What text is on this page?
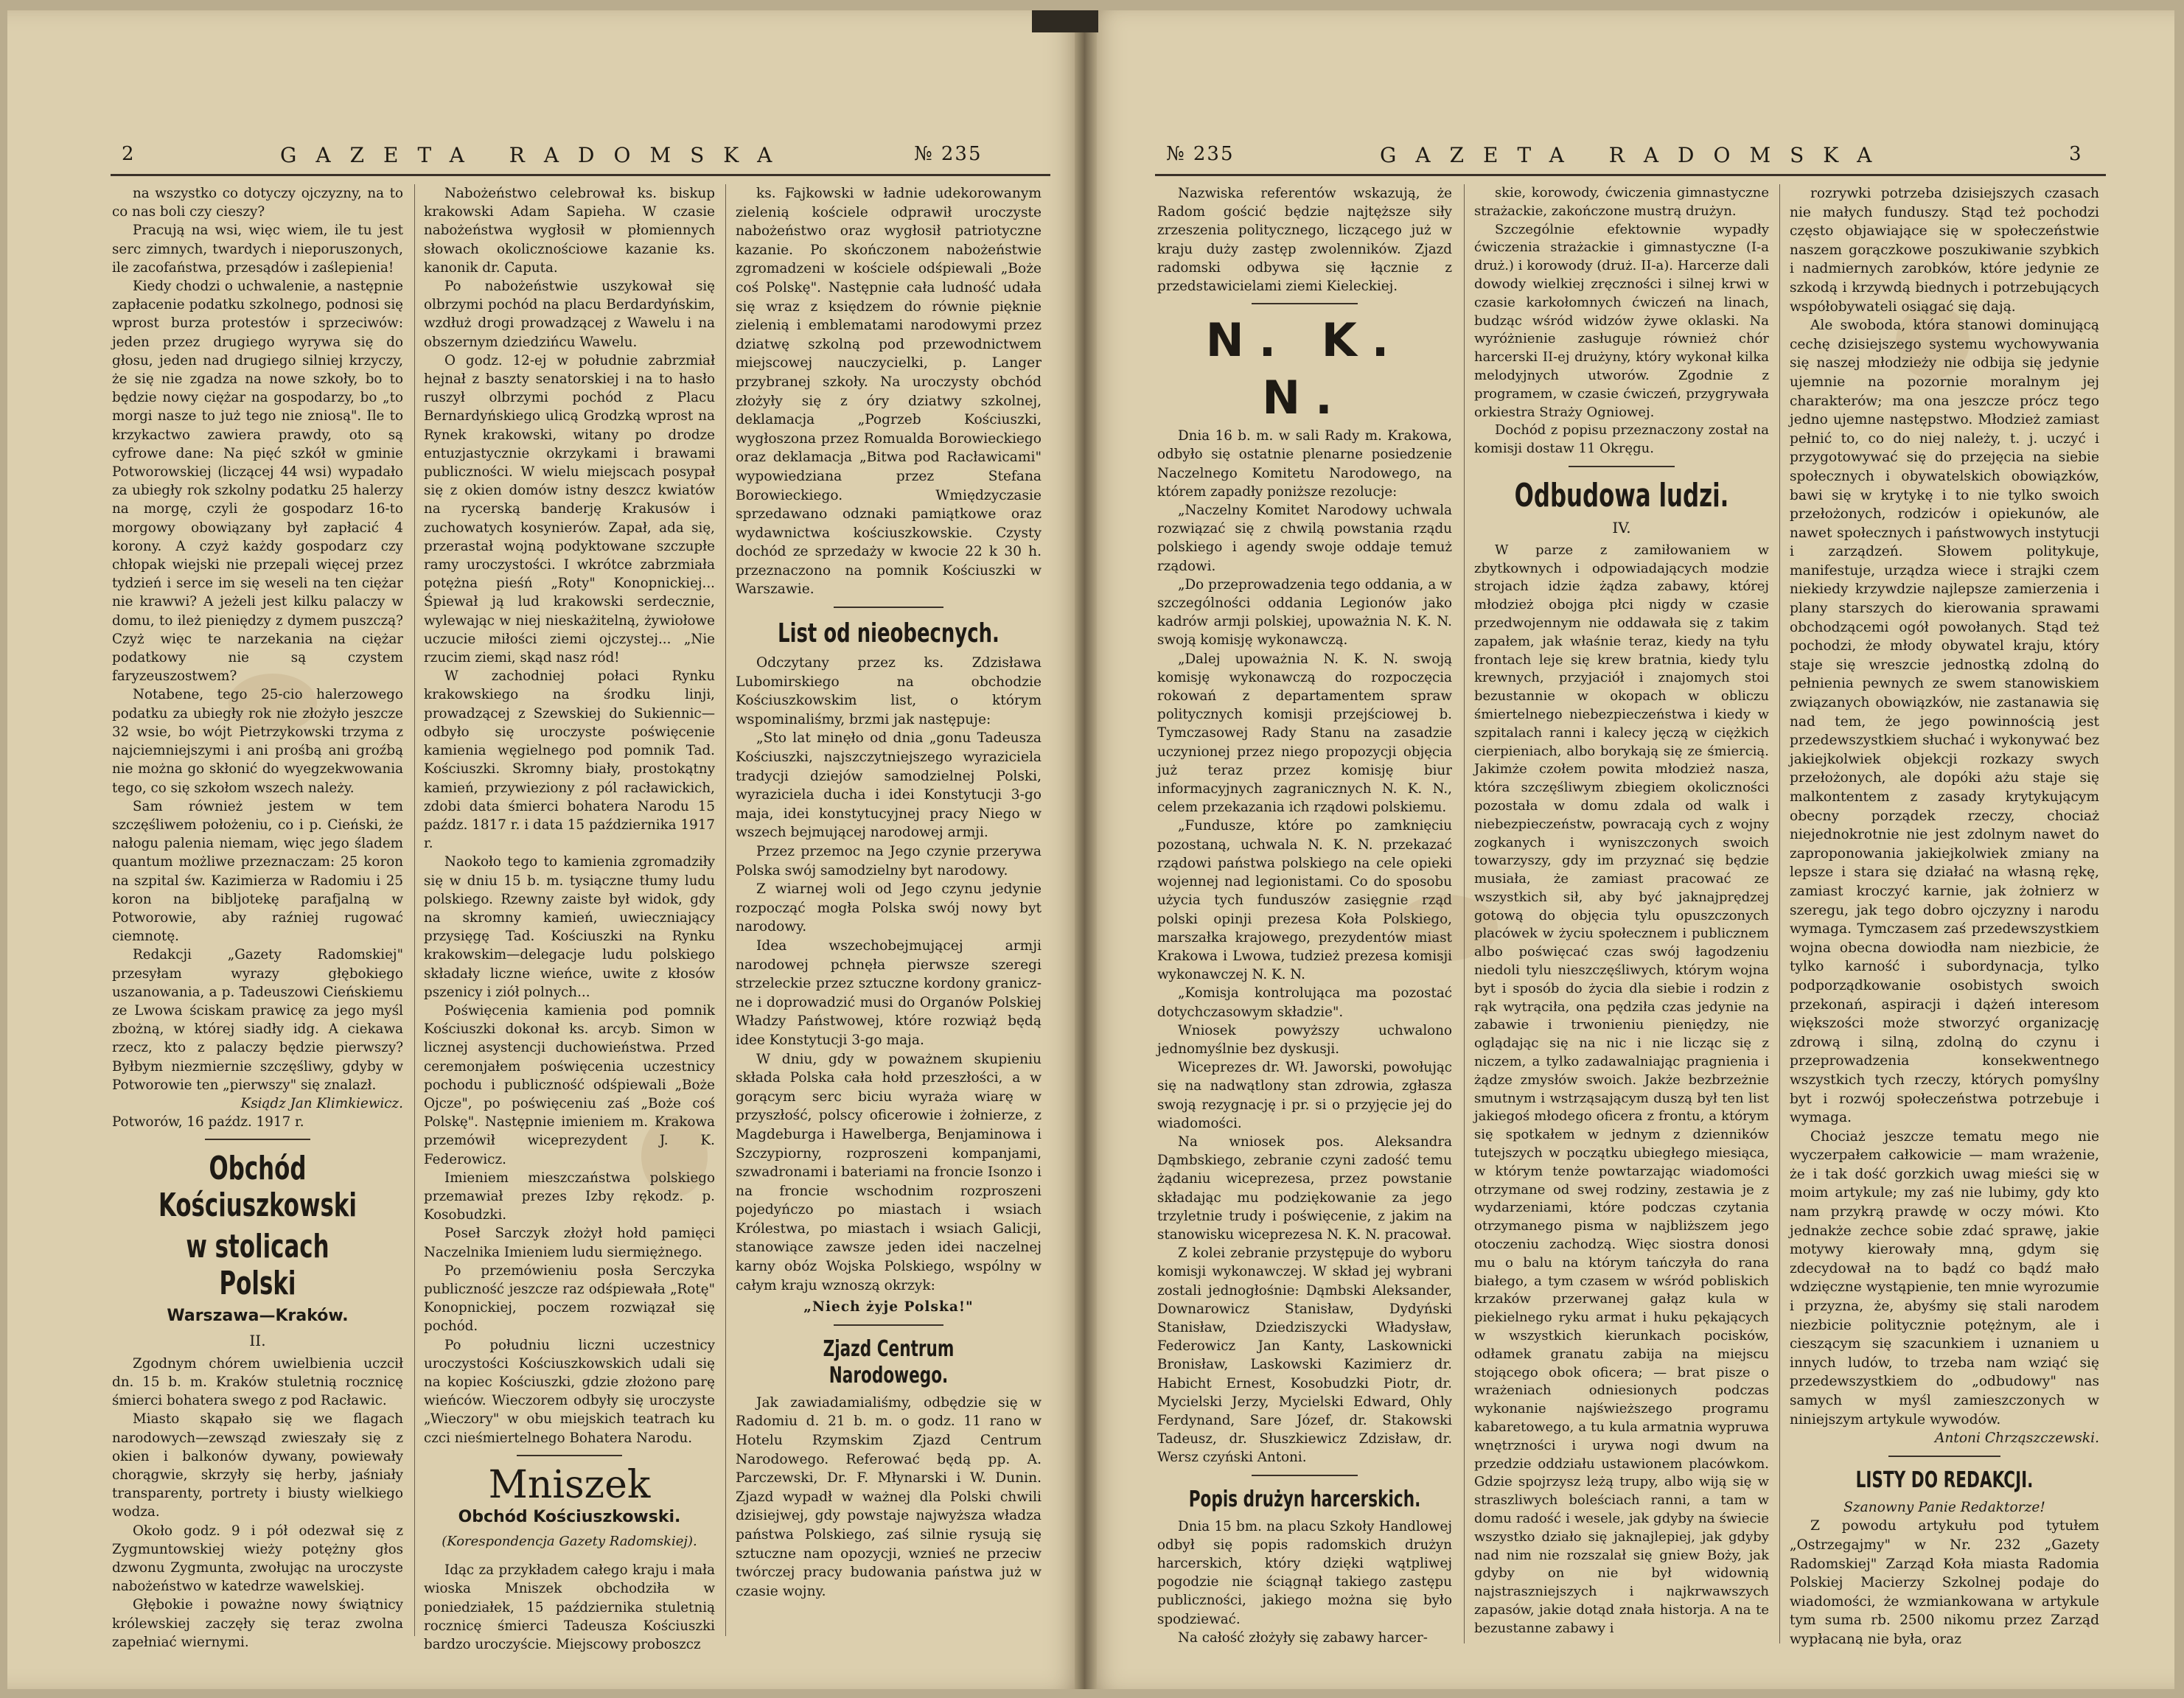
2	GAZETA RADOMSKA	№ 235

na wszystko co dotyczy ojczyzny, na to co nas boli czy cieszy?

Pracują na wsi, więc wiem, ile tu jest serc zimnych, twardych i nieporuszonych, ile zacofaństwa, przesądów i zaślepienia!

Kiedy chodzi o uchwalenie, a następnie zapłacenie podatku szkolnego, podnosi się wprost burza protestów i sprzeciwów: jeden przez drugiego wyrywa się do głosu, jeden nad drugiego silniej krzyczy, że się nie zgadza na nowe szkoły, bo to będzie nowy ciężar na gospodarzy, bo „to morgi nasze to już tego nie zniosą". Ile to krzykactwo zawiera prawdy, oto są cyfrowe dane: Na pięć szkół w gminie Potworowskiej (liczącej 44 wsi) wypadało za ubiegły rok szkolny podatku 25 halerzy na morgę, czyli że gospodarz 16-to morgowy obowiązany był zapłacić 4 korony. A czyż każdy gospodarz czy chłopak wiejski nie przepali więcej przez tydzień i serce im się weseli na ten ciężar nie krawwi? A jeżeli jest kilku palaczy w domu, to ileż pieniędzy z dymem puszczą? Czyż więc te narzekania na ciężar podatkowy nie są czystem faryzeuszostwem?

Notabene, tego 25-cio halerzowego podatku za ubiegły rok nie złożyło jeszcze 32 wsie, bo wójt Pietrzykowski trzyma z najciemniejszymi i ani prośbą ani groźbą nie można go skłonić do wyegzekwowania tego, co się szkołom wszech należy.

Sam również jestem w tem szczęśliwem położeniu, co i p. Cieński, że nałogu palenia niemam, więc jego śladem quantum możliwe przeznaczam: 25 koron na szpital św. Kazimierza w Radomiu i 25 koron na bibljotekę parafjalną w Potworowie, aby raźniej rugować ciemnotę.

Redakcji „Gazety Radomskiej" przesyłam wyrazy głębokiego uszanowania, a p. Tadeuszowi Cieńskiemu ze Lwowa ściskam prawicę za jego myśl zbożną, w której siadły idg. A ciekawa rzecz, kto z palaczy będzie pierwszy? Byłbym niezmiernie szczęśliwy, gdyby w Potworowie ten „pierwszy" się znalazł.

Ksiądz Jan Klimkiewicz.

Potworów, 16 paźdz. 1917 r.

Obchód Kościuszkowski
w stolicach Polski
Warszawa—Kraków.
II.

Zgodnym chórem uwielbienia uczcił dn. 15 b. m. Kraków stuletnią rocznicę śmierci bohatera swego z pod Racławic.

Miasto skąpało się we flagach narodowych—zewsząd zwieszały się z okien i balkonów dywany, powiewały chorągwie, skrzyły się herby, jaśniały transparenty, portrety i biusty wielkiego wodza.

Około godz. 9 i pół odezwał się z Zygmuntowskiej wieży potężny głos dzwonu Zygmunta, zwołując na uroczyste nabożeństwo w katedrze wawelskiej.

Głębokie i poważne nowy świątnicy królewskiej zaczęły się teraz zwolna zapełniać wiernymi.

Nabożeństwo celebrował ks. biskup krakowski Adam Sapieha. W czasie nabożeństwa wygłosił w płomiennych słowach okolicznościowe kazanie ks. kanonik dr. Caputa.

Po nabożeństwie uszykował się olbrzymi pochód na placu Berdardyńskim, wzdłuż drogi prowadzącej z Wawelu i na obszernym dziedzińcu Wawelu.

O godz. 12-ej w południe zabrzmiał hejnał z baszty senatorskiej i na to hasło ruszył olbrzymi pochód z Placu Bernardyńskiego ulicą Grodzką wprost na Rynek krakowski, witany po drodze entuzjastycznie okrzykami i brawami publiczności. W wielu miejscach posypał się z okien domów istny deszcz kwiatów na rycerską banderję Krakusów i zuchowatych kosynierów. Zapał, ada się, przerastał wojną podyktowane szczupłe ramy uroczystości. I wkrótce zabrzmiała potężna pieśń „Roty" Konopnickiej... Śpiewał ją lud krakowski serdecznie, wylewając w niej nieskażitelną, żywiołowe uczucie miłości ziemi ojczystej... „Nie rzucim ziemi, skąd nasz ród!

W zachodniej połaci Rynku krakowskiego na środku linji, prowadzącej z Szewskiej do Sukiennic—odbyło się uroczyste poświęcenie kamienia węgielnego pod pomnik Tad. Kościuszki. Skromny biały, prostokątny kamień, przywieziony z pól racławickich, zdobi data śmierci bohatera Narodu 15 paźdz. 1817 r. i data 15 października 1917 r.

Naokoło tego to kamienia zgromadziły się w dniu 15 b. m. tysiączne tłumy ludu polskiego. Rzewny zaiste był widok, gdy na skromny kamień, uwieczniający przysięgę Tad. Kościuszki na Rynku krakowskim—delegacje ludu polskiego składały liczne wieńce, uwite z kłosów pszenicy i ziół polnych...

Poświęcenia kamienia pod pomnik Kościuszki dokonał ks. arcyb. Simon w licznej asystencji duchowieństwa. Przed ceremonjałem poświęcenia uczestnicy pochodu i publiczność odśpiewali „Boże Ojcze", po poświęceniu zaś „Boże coś Polskę". Następnie imieniem m. Krakowa przemówił wiceprezydent J. K. Federowicz.

Imieniem mieszczaństwa polskiego przemawiał prezes Izby rękodz. p. Kosobudzki.

Poseł Sarczyk złożył hołd pamięci Naczelnika Imieniem ludu siermiężnego.

Po przemówieniu posła Serczyka publiczność jeszcze raz odśpiewała „Rotę" Konopnickiej, poczem rozwiązał się pochód.

Po południu liczni uczestnicy uroczystości Kościuszkowskich udali się na kopiec Kościuszki, gdzie złożono parę wieńców. Wieczorem odbyły się uroczyste „Wieczory" w obu miejskich teatrach ku czci nieśmiertelnego Bohatera Narodu.

Mniszek
Obchód Kościuszkowski.
(Korespondencja Gazety Radomskiej).

Idąc za przykładem całego kraju i mała wioska Mniszek obchodziła w poniedziałek, 15 października stuletnią rocznicę śmierci Tadeusza Kościuszki bardzo uroczyście. Miejscowy proboszcz

ks. Fajkowski w ładnie udekorowanym zielenią kościele odprawił uroczyste nabożeństwo oraz wygłosił patriotyczne kazanie. Po skończonem nabożeństwie zgromadzeni w kościele odśpiewali „Boże coś Polskę". Następnie cała ludność udała się wraz z księdzem do równie pięknie zielenią i emblematami narodowymi przez dziatwę szkolną pod przewodnictwem miejscowej nauczycielki, p. Langer przybranej szkoły. Na uroczysty obchód złożyły się z óry dziatwy szkolnej, deklamacja „Pogrzeb Kościuszki, wygłoszona przez Romualda Borowieckiego oraz deklamacja „Bitwa pod Racławicami" wypowiedziana przez Stefana Borowieckiego. Wmiędzyczasie sprzedawano odznaki pamiątkowe oraz wydawnictwa kościuszkowskie. Czysty dochód ze sprzedaży w kwocie 22 k 30 h. przeznaczono na pomnik Kościuszki w Warszawie.

List od nieobecnych.

Odczytany przez ks. Zdzisława Lubomirskiego na obchodzie Kościuszkowskim list, o którym wspominaliśmy, brzmi jak następuje:

„Sto lat minęło od dnia „gonu Tadeusza Kościuszki, najszczytniejszego wyraziciela tradycji dziejów samodzielnej Polski, wyraziciela ducha i idei Konstytucji 3-go maja, idei konstytucyjnej pracy Niego w wszech bejmującej narodowej armji.

Przez przemoc na Jego czynie przerywa Polska swój samodzielny byt narodowy.

Z wiarnej woli od Jego czynu jedynie rozpocząć mogła Polska swój nowy byt narodowy.

Idea wszechobejmującej armji narodowej pchnęła pierwsze szeregi strzeleckie przez sztuczne kordony granicz-ne i doprowadzić musi do Organów Polskiej Władzy Państwowej, które rozwiąż będą idee Konstytucji 3-go maja.

W dniu, gdy w poważnem skupieniu składa Polska cała hołd przeszłości, a w gorącym serc biciu wyraża wiarę w przyszłość, polscy oficerowie i żołnierze, z Magdeburga i Hawelberga, Benjaminowa i Szczypiorny, rozproszeni kompanjami, szwadronami i bateriami na froncie Isonzo i na froncie wschodnim rozproszeni pojedyńczo po miastach i wsiach Królestwa, po miastach i wsiach Galicji, stanowiące zawsze jeden idei naczelnej karny obóz Wojska Polskiego, wspólny w całym kraju wznoszą okrzyk:

„Niech żyje Polska!"

Zjazd Centrum Narodowego.

Jak zawiadamialiśmy, odbędzie się w Radomiu d. 21 b. m. o godz. 11 rano w Hotelu Rzymskim Zjazd Centrum Narodowego. Referować będą pp. A. Parczewski, Dr. F. Młynarski i W. Dunin. Zjazd wypadł w ważnej dla Polski chwili dzisiejwej, gdy powstaje najwyższa władza państwa Polskiego, zaś silnie rysują się sztuczne nam opozycji, wznieś ne przeciw twórczej pracy budowania państwa już w czasie wojny.

№ 235	GAZETA RADOMSKA	3

Nazwiska referentów wskazują, że Radom gościć będzie najtęższe siły zrzeszenia politycznego, liczącego już w kraju duży zastęp zwolenników. Zjazd radomski odbywa się łącznie z przedstawicielami ziemi Kieleckiej.

N. K. N.

Dnia 16 b. m. w sali Rady m. Krakowa, odbyło się ostatnie plenarne posiedzenie Naczelnego Komitetu Narodowego, na którem zapadły poniższe rezolucje:

„Naczelny Komitet Narodowy uchwala rozwiązać się z chwilą powstania rządu polskiego i agendy swoje oddaje temuż rządowi.

„Do przeprowadzenia tego oddania, a w szczególności oddania Legionów jako kadrów armji polskiej, upoważnia N. K. N. swoją komisję wykonawczą.

„Dalej upoważnia N. K. N. swoją komisję wykonawczą do rozpoczęcia rokowań z departamentem spraw politycznych komisji przejściowej b. Tymczasowej Rady Stanu na zasadzie uczynionej przez niego propozycji objęcia już teraz przez komisję biur informacyjnych zagranicznych N. K. N., celem przekazania ich rządowi polskiemu.

„Fundusze, które po zamknięciu pozostaną, uchwala N. K. N. przekazać rządowi państwa polskiego na cele opieki wojennej nad legionistami. Co do sposobu użycia tych funduszów zasięgnie rząd polski opinji prezesa Koła Polskiego, marszałka krajowego, prezydentów miast Krakowa i Lwowa, tudzież prezesa komisji wykonawczej N. K. N.

„Komisja kontrolująca ma pozostać dotychczasowym składzie".

Wniosek powyższy uchwalono jednomyślnie bez dyskusji.

Wiceprezes dr. Wł. Jaworski, powołując się na nadwątlony stan zdrowia, zgłasza swoją rezygnację i pr. si o przyjęcie jej do wiadomości.

Na wniosek pos. Aleksandra Dąmbskiego, zebranie czyni zadość temu żądaniu wiceprezesa, przez powstanie składając mu podziękowanie za jego trzyletnie trudy i poświęcenie, z jakim na stanowisku wiceprezesa N. K. N. pracował.

Z kolei zebranie przystępuje do wyboru komisji wykonawczej. W skład jej wybrani zostali jednogłośnie: Dąmbski Aleksander, Downarowicz Stanisław, Dydyński Stanisław, Dziedziszycki Władysław, Federowicz Jan Kanty, Laskownicki Bronisław, Laskowski Kazimierz dr. Habicht Ernest, Kosobudzki Piotr, dr. Mycielski Jerzy, Mycielski Edward, Ohly Ferdynand, Sare Józef, dr. Stakowski Tadeusz, dr. Słuszkiewicz Zdzisław, dr. Wersz czyński Antoni.

Popis drużyn harcerskich.

Dnia 15 bm. na placu Szkoły Handlowej odbył się popis radomskich drużyn harcerskich, który dzięki wątpliwej pogodzie nie ściągnął takiego zastępu publiczności, jakiego można się było spodziewać.

Na całość złożyły się zabawy harcer-

skie, korowody, ćwiczenia gimnastyczne strażackie, zakończone mustrą drużyn.

Szczególnie efektownie wypadły ćwiczenia strażackie i gimnastyczne (I-a druż.) i korowody (druż. II-a). Harcerze dali dowody wielkiej zręczności i silnej krwi w czasie karkołomnych ćwiczeń na linach, budząc wśród widzów żywe oklaski. Na wyróżnienie zasługuje również chór harcerski II-ej drużyny, który wykonał kilka melodyjnych utworów. Zgodnie z programem, w czasie ćwiczeń, przygrywała orkiestra Straży Ogniowej.

Dochód z popisu przeznaczony został na komisji dostaw 11 Okręgu.

Odbudowa ludzi.
IV.

W parze z zamiłowaniem w zbytkownych i odpowiadających modzie strojach idzie żądza zabawy, której młodzież obojga płci nigdy w czasie przedwojennym nie oddawała się z takim zapałem, jak właśnie teraz, kiedy na tyłu frontach leje się krew bratnia, kiedy tylu krewnych, przyjaciół i znajomych stoi bezustannie w okopach w obliczu śmiertelnego niebezpieczeństwa i kiedy w szpitalach ranni i kalecy jęczą w ciężkich cierpieniach, albo borykają się ze śmiercią. Jakimże czołem powita młodzież nasza, która szczęśliwym zbiegiem okoliczności pozostała w domu zdala od walk i niebezpieczeństw, powracają cych z wojny zogkanych i wyniszczonych swoich towarzyszy, gdy im przyznać się będzie musiała, że zamiast pracować ze wszystkich sił, aby być jaknajprędzej gotową do objęcia tylu opuszczonych placówek w życiu społecznem i publicznem albo poświęcać czas swój łagodzeniu niedoli tylu nieszczęśliwych, którym wojna byt i sposób do życia dla siebie i rodzin z rąk wytrąciła, ona pędziła czas jedynie na zabawie i trwonieniu pieniędzy, nie oglądając się na nic i nie licząc się z niczem, a tylko zadawalniając pragnienia i żądze zmysłów swoich. Jakże bezbrzeżnie smutnym i wstrząsającym duszą był ten list jakiegoś młodego oficera z frontu, a którym się spotkałem w jednym z dzienników tutejszych w początku ubiegłego miesiąca, w którym tenże powtarzając wiadomości otrzymane od swej rodziny, zestawia je z wydarzeniami, które podczas czytania otrzymanego pisma w najbliższem jego otoczeniu zachodzą. Więc siostra donosi mu o balu na którym tańczyła do rana białego, a tym czasem w wśród pobliskich krzaków przerwanej gałąz kula w piekielnego ryku armat i huku pękających w wszystkich kierunkach pocisków, odłamek granatu zabija na miejscu stojącego obok oficera; — brat pisze o wrażeniach odniesionych podczas wykonanie najświeższego programu kabaretowego, a tu kula armatnia wypruwa wnętrzności i urywa nogi dwum na przedzie oddziału ustawionem placówkom. Gdzie spojrzysz leżą trupy, albo wiją się w straszliwych boleściach ranni, a tam w domu radość i wesele, jak gdyby na świecie wszystko działo się jaknajlepiej, jak gdyby nad nim nie rozszalał się gniew Boży, jak gdyby on nie był widownią najstraszniejszych i najkrwawszych zapasów, jakie dotąd znała historja. A na te bezustanne zabawy i

rozrywki potrzeba dzisiejszych czasach nie małych funduszy. Stąd też pochodzi często objawiające się w społeczeństwie naszem gorączkowe poszukiwanie szybkich i nadmiernych zarobków, które jedynie ze szkodą i krzywdą biednych i potrzebujących współobywateli osiągać się dają.

Ale swoboda, która stanowi dominującą cechę dzisiejszego systemu wychowywania się naszej młodzieży nie odbija się jedynie ujemnie na pozornie moralnym jej charakterów; ma ona jeszcze prócz tego jedno ujemne następstwo. Młodzież zamiast pełnić to, co do niej należy, t. j. uczyć i przygotowywać się do przejęcia na siebie społecznych i obywatelskich obowiązków, bawi się w krytykę i to nie tylko swoich przełożonych, rodziców i opiekunów, ale nawet społecznych i państwowych instytucji i zarządzeń. Słowem politykuje, manifestuje, urządza wiece i strajki czem niekiedy krzywdzie najlepsze zamierzenia i plany starszych do kierowania sprawami obchodzącemi ogół powołanych. Stąd też pochodzi, że młody obywatel kraju, który staje się wreszcie jednostką zdolną do pełnienia pewnych ze swem stanowiskiem związanych obowiązków, nie zastanawia się nad tem, że jego powinnością jest przedewszystkiem słuchać i wykonywać bez jakiejkolwiek objekcji rozkazy swych przełożonych, ale dopóki ażu staje się malkontentem z zasady krytykującym obecny porządek rzeczy, chociaż niejednokrotnie nie jest zdolnym nawet do zaproponowania jakiejkolwiek zmiany na lepsze i stara się działać na własną rękę, zamiast kroczyć karnie, jak żołnierz w szeregu, jak tego dobro ojczyzny i narodu wymaga. Tymczasem zaś przedewszystkiem wojna obecna dowiodła nam niezbicie, że tylko karność i subordynacja, tylko podporządkowanie osobistych swoich przekonań, aspiracji i dążeń interesom większości może stworzyć organizację zdrową i silną, zdolną do czynu i przeprowadzenia konsekwentnego wszystkich tych rzeczy, których pomyślny byt i rozwój społeczeństwa potrzebuje i wymaga.

Chociaż jeszcze tematu mego nie wyczerpałem całkowicie — mam wrażenie, że i tak dość gorzkich uwag mieści się w moim artykule; my zaś nie lubimy, gdy kto nam przykrą prawdę w oczy mówi. Kto jednakże zechce sobie zdać sprawę, jakie motywy kierowały mną, gdym się zdecydował na to bądź co bądź mało wdzięczne wystąpienie, ten mnie wyrozumie i przyzna, że, abyśmy się stali narodem niezbicie politycznie potężnym, ale i cieszącym się szacunkiem i uznaniem u innych ludów, to trzeba nam wziąć się przedewszystkiem do „odbudowy" nas samych w myśl zamieszczonych w niniejszym artykule wywodów.

Antoni Chrząszczewski.

LISTY DO REDAKCJI.

Szanowny Panie Redaktorze!

Z powodu artykułu pod tytułem „Ostrzegajmy" w Nr. 232 „Gazety Radomskiej" Zarząd Koła miasta Radomia Polskiej Macierzy Szkolnej podaje do wiadomości, że wzmiankowana w artykule tym suma rb. 2500 nikomu przez Zarząd wypłacaną nie była, oraz
